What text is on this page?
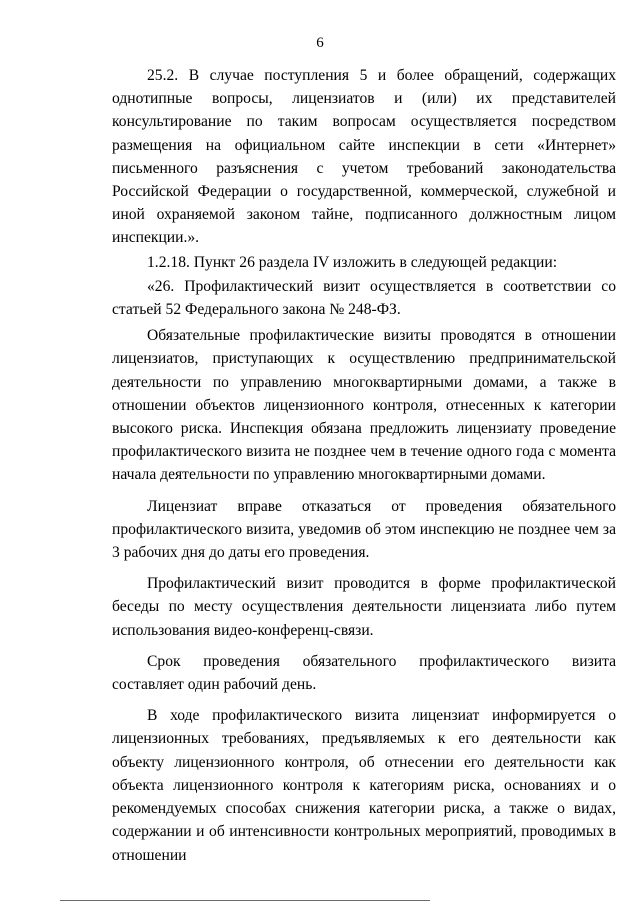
6

25.2. В случае поступления 5 и более обращений, содержащих однотипные вопросы, лицензиатов и (или) их представителей консультирование по таким вопросам осуществляется посредством размещения на официальном сайте инспекции в сети «Интернет» письменного разъяснения с учетом требований законодательства Российской Федерации о государственной, коммерческой, служебной и иной охраняемой законом тайне, подписанного должностным лицом инспекции.».

1.2.18. Пункт 26 раздела IV изложить в следующей редакции:

«26. Профилактический визит осуществляется в соответствии со статьей 52 Федерального закона № 248-ФЗ.

Обязательные профилактические визиты проводятся в отношении лицензиатов, приступающих к осуществлению предпринимательской деятельности по управлению многоквартирными домами, а также в отношении объектов лицензионного контроля, отнесенных к категории высокого риска. Инспекция обязана предложить лицензиату проведение профилактического визита не позднее чем в течение одного года с момента начала деятельности по управлению многоквартирными домами.

Лицензиат вправе отказаться от проведения обязательного профилактического визита, уведомив об этом инспекцию не позднее чем за 3 рабочих дня до даты его проведения.

Профилактический визит проводится в форме профилактической беседы по месту осуществления деятельности лицензиата либо путем использования видео-конференц-связи.

Срок проведения обязательного профилактического визита составляет один рабочий день.

В ходе профилактического визита лицензиат информируется о лицензионных требованиях, предъявляемых к его деятельности как объекту лицензионного контроля, об отнесении его деятельности как объекта лицензионного контроля к категориям риска, основаниях и о рекомендуемых способах снижения категории риска, а также о видах, содержании и об интенсивности контрольных мероприятий, проводимых в отношении
